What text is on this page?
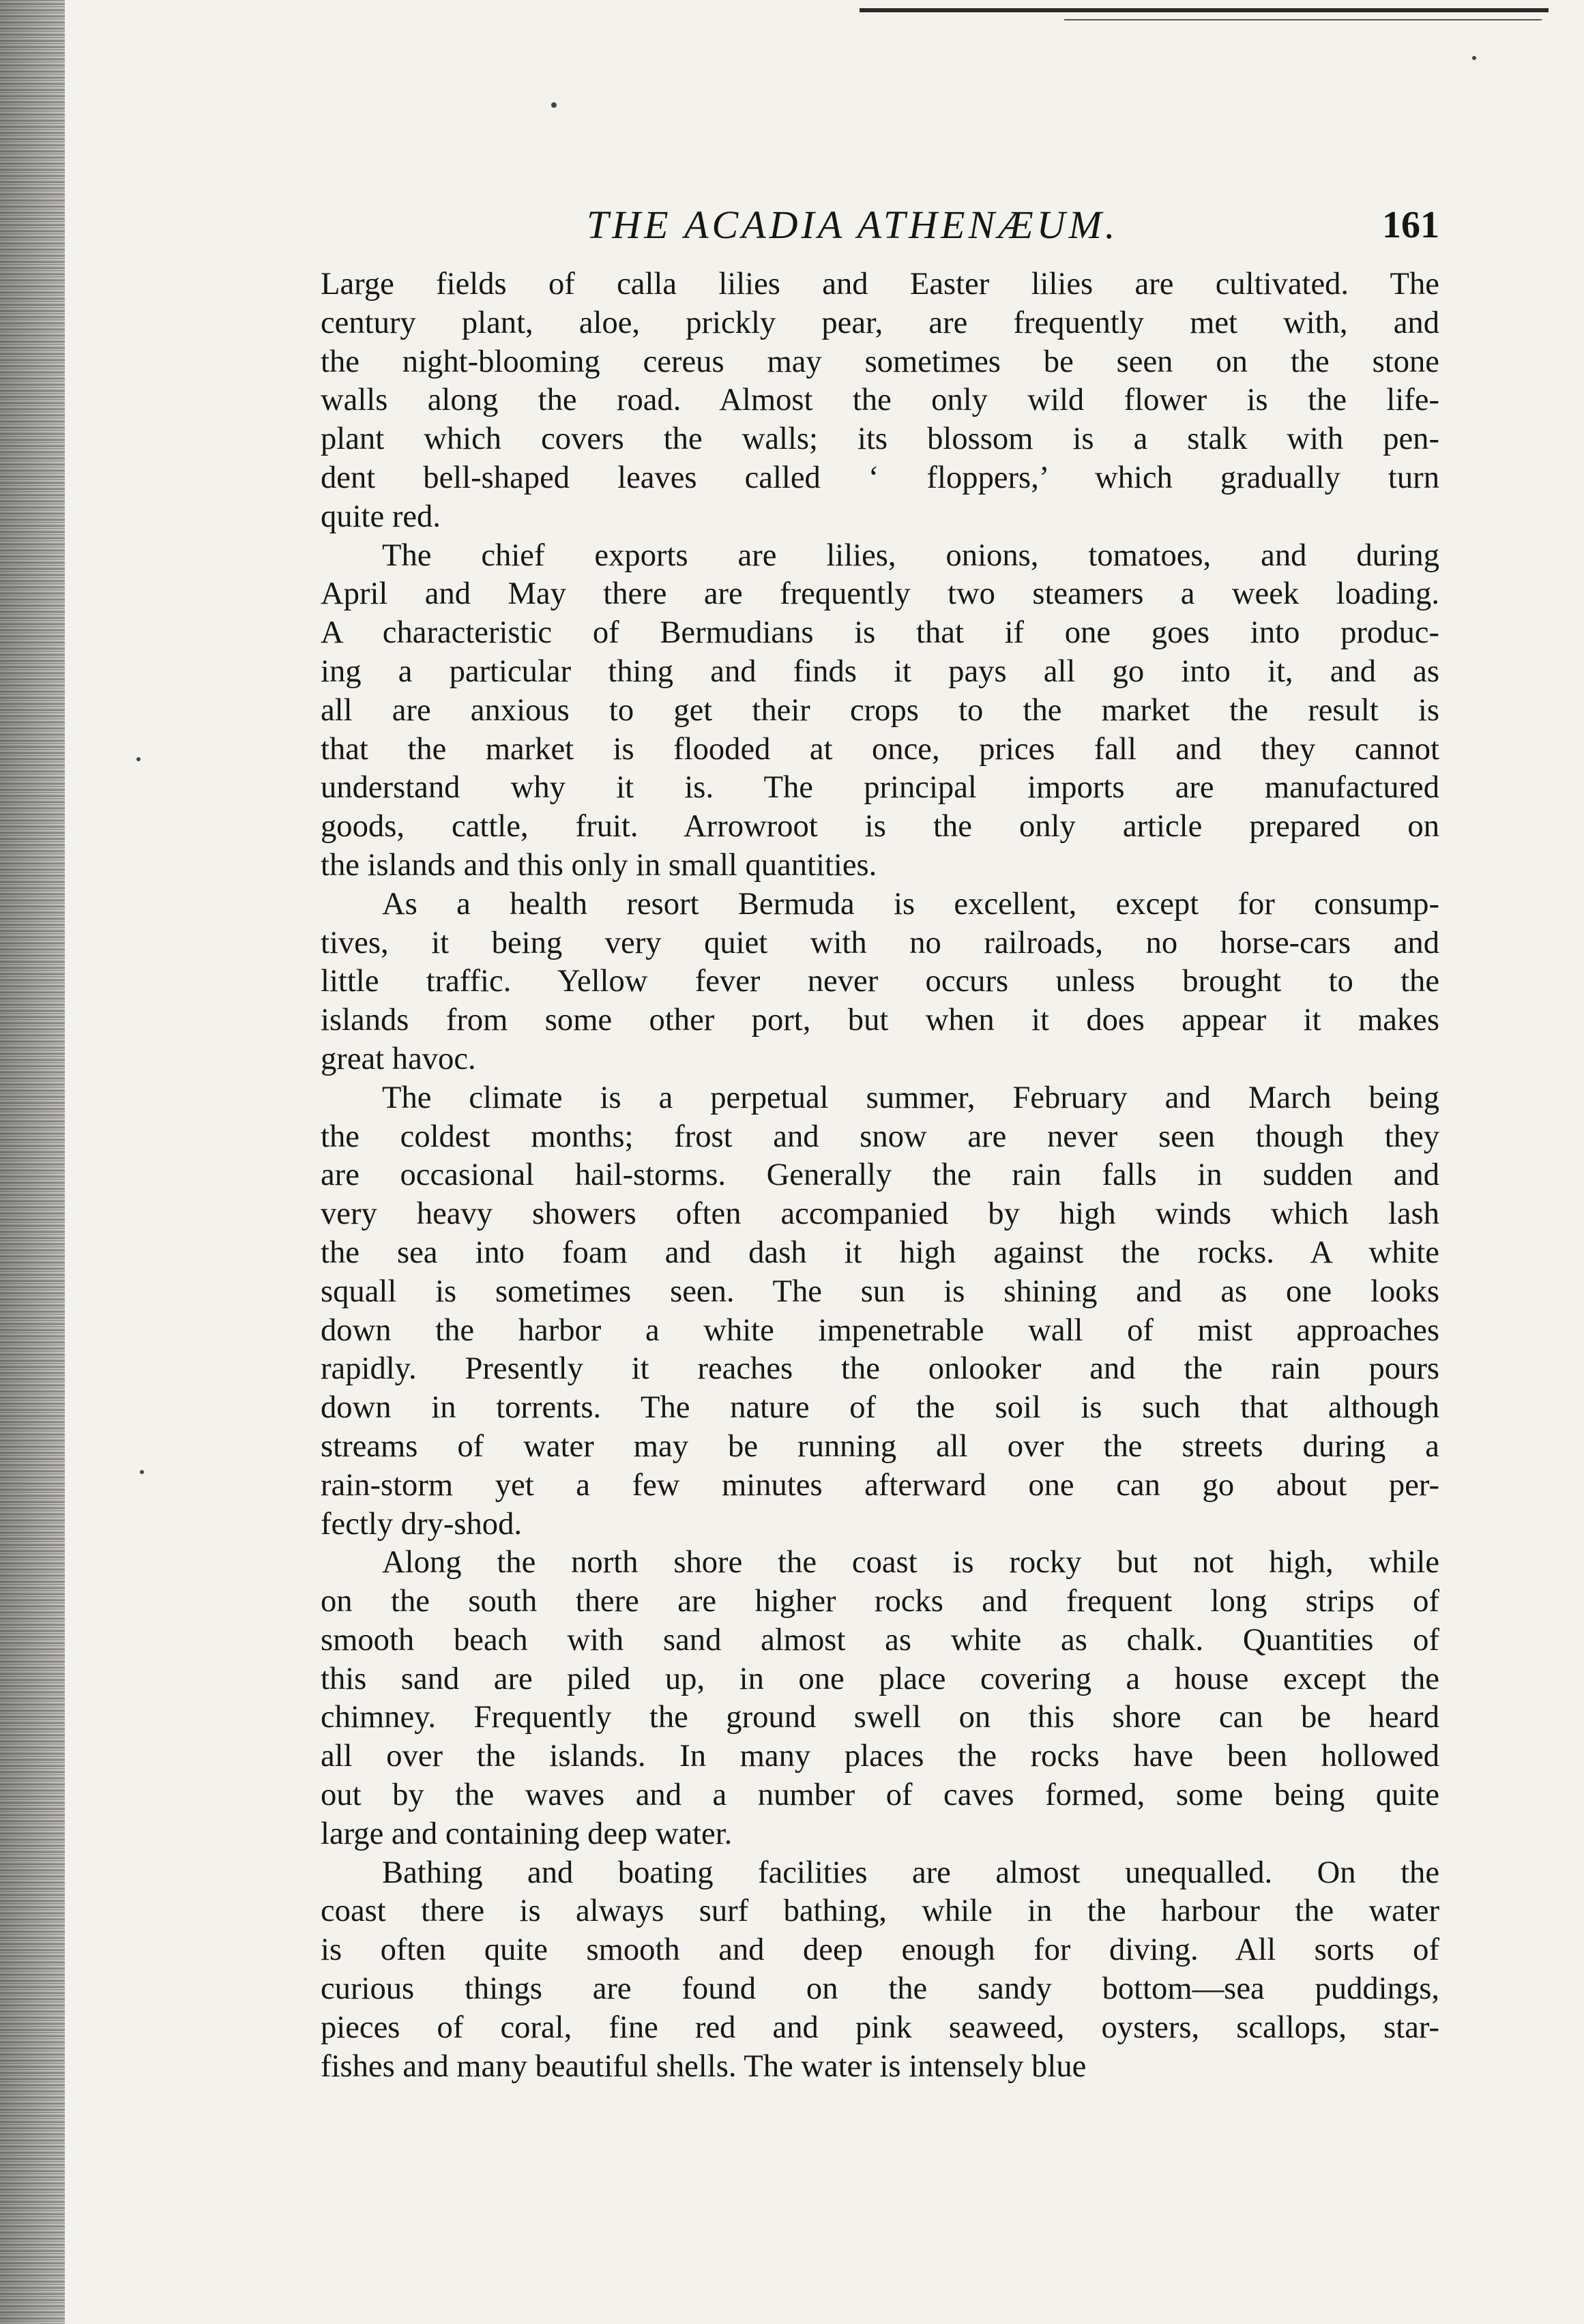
THE ACADIA ATHENÆUM.	161
Large fields of calla lilies and Easter lilies are cultivated. The
century plant, aloe, prickly pear, are frequently met with, and
the night-blooming cereus may sometimes be seen on the stone
walls along the road. Almost the only wild flower is the life-
plant which covers the walls; its blossom is a stalk with pen-
dent bell-shaped leaves called ‘ floppers,’ which gradually turn
quite red.
The chief exports are lilies, onions, tomatoes, and during
April and May there are frequently two steamers a week loading.
A characteristic of Bermudians is that if one goes into produc-
ing a particular thing and finds it pays all go into it, and as
all are anxious to get their crops to the market the result is
that the market is flooded at once, prices fall and they cannot
understand why it is. The principal imports are manufactured
goods, cattle, fruit. Arrowroot is the only article prepared on
the islands and this only in small quantities.
As a health resort Bermuda is excellent, except for consump-
tives, it being very quiet with no railroads, no horse-cars and
little traffic. Yellow fever never occurs unless brought to the
islands from some other port, but when it does appear it makes
great havoc.
The climate is a perpetual summer, February and March being
the coldest months; frost and snow are never seen though they
are occasional hail-storms. Generally the rain falls in sudden and
very heavy showers often accompanied by high winds which lash
the sea into foam and dash it high against the rocks. A white
squall is sometimes seen. The sun is shining and as one looks
down the harbor a white impenetrable wall of mist approaches
rapidly. Presently it reaches the onlooker and the rain pours
down in torrents. The nature of the soil is such that although
streams of water may be running all over the streets during a
rain-storm yet a few minutes afterward one can go about per-
fectly dry-shod.
Along the north shore the coast is rocky but not high, while
on the south there are higher rocks and frequent long strips of
smooth beach with sand almost as white as chalk. Quantities of
this sand are piled up, in one place covering a house except the
chimney. Frequently the ground swell on this shore can be heard
all over the islands. In many places the rocks have been hollowed
out by the waves and a number of caves formed, some being quite
large and containing deep water.
Bathing and boating facilities are almost unequalled. On the
coast there is always surf bathing, while in the harbour the water
is often quite smooth and deep enough for diving. All sorts of
curious things are found on the sandy bottom—sea puddings,
pieces of coral, fine red and pink seaweed, oysters, scallops, star-
fishes and many beautiful shells. The water is intensely blue
